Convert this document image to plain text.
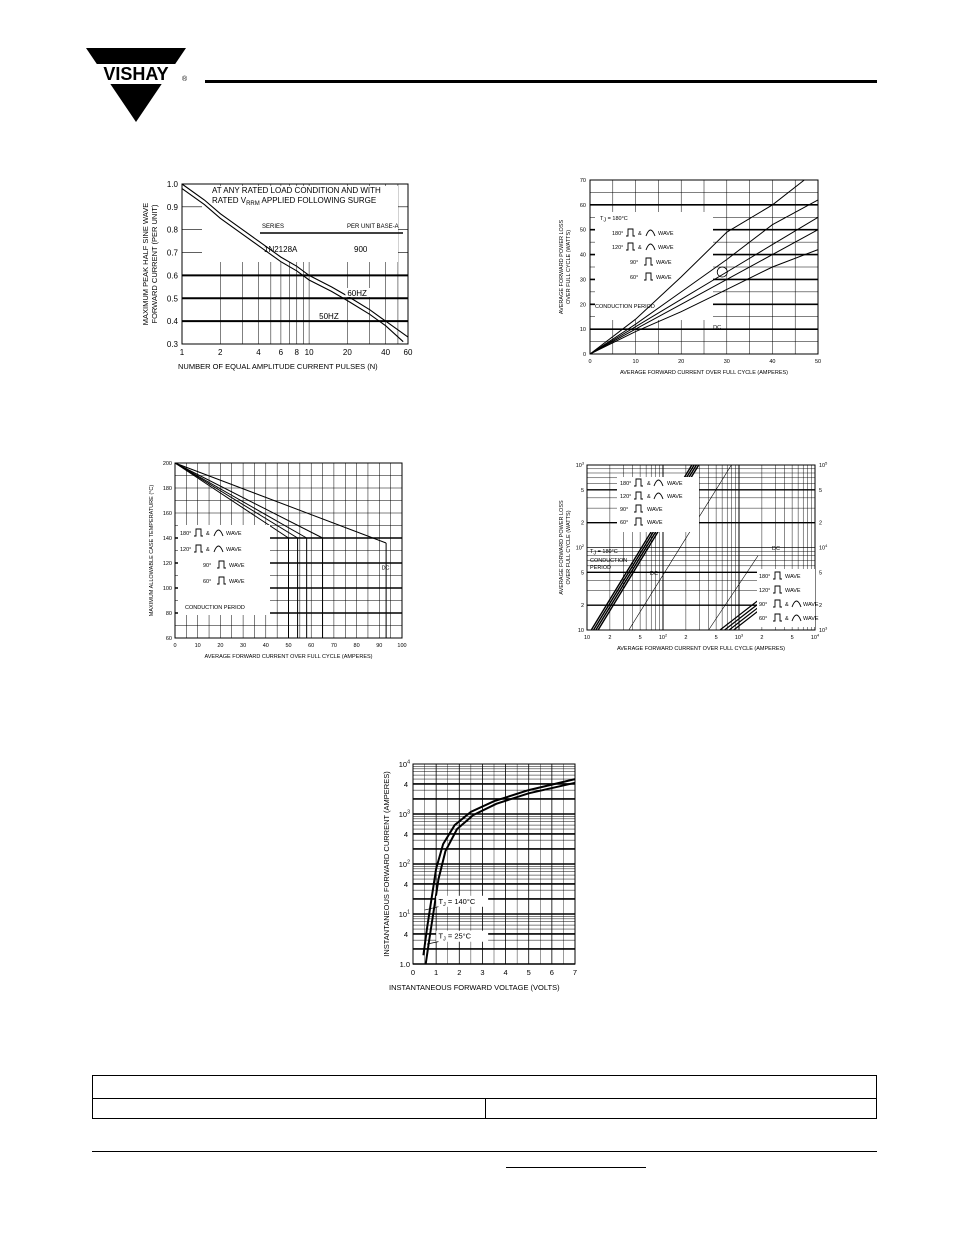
VISHAY ®
0.3
0.4
0.5
0.6
0.7
0.8
0.9
1.0
1	2	4 6 8 10	20	40 60
AT ANY RATED LOAD CONDITION AND WITH
RATED $V_{RRM}$ APPLIED FOLLOWING SURGE
SERIES	PER UNIT BASE-A
1N2128A	900
60HZ
50HZ
MAXIMUM PEAK HALF SINE WAVE FORWARD CURRENT (PER UNIT)
NUMBER OF EQUAL AMPLITUDE CURRENT PULSES (N)
0
10
20
30
40
50
60
70
0	10	20	30	40	50
TJ = 180°C
180°	&	WAVE
120°	&	WAVE
90°	WAVE
60°	WAVE
CONDUCTION PERIOD
DC
AVERAGE FORWARD POWER LOSS OVER FULL CYCLE (WATTS)
AVERAGE FORWARD CURRENT OVER FULL CYCLE (AMPERES)
60
80
100
120
140
160
180
200
0	10	20	30	40	50	60	70	80	90	100
180°	&	WAVE
120°	&	WAVE
90°	WAVE
60°	WAVE
CONDUCTION PERIOD
DC
MAXIMUM ALLOWABLE CASE TEMPERATURE (°C)
AVERAGE FORWARD CURRENT OVER FULL CYCLE (AMPERES)
10	2	5	$10^2$	2	5	$10^3$	2	5	$10^4$
$10^3$
5
2
$10^2$
5
2
10
$10^5$
5
2
$10^4$
5
2
$10^3$
180°	&	WAVE
120°	&	WAVE
90°	WAVE
60°	WAVE
TJ = 180°C
CONDUCTION
PERIOD
DC	180°	WAVE
120°	WAVE
90°	&	WAVE
60°	&	WAVE
DC
AVERAGE FORWARD POWER LOSS OVER FULL CYCLE (WATTS)
AVERAGE FORWARD CURRENT OVER FULL CYCLE (AMPERES)
$10^4$
$10^3$
$10^2$
$10^1$
1.0
4
4
4
4
0	1	2	3	4	5	6	7
$T_J = 140^\circ C$
$T_J = 25^\circ C$
INSTANTANEOUS FORWARD CURRENT (AMPERES)
INSTANTANEOUS FORWARD VOLTAGE (VOLTS)
